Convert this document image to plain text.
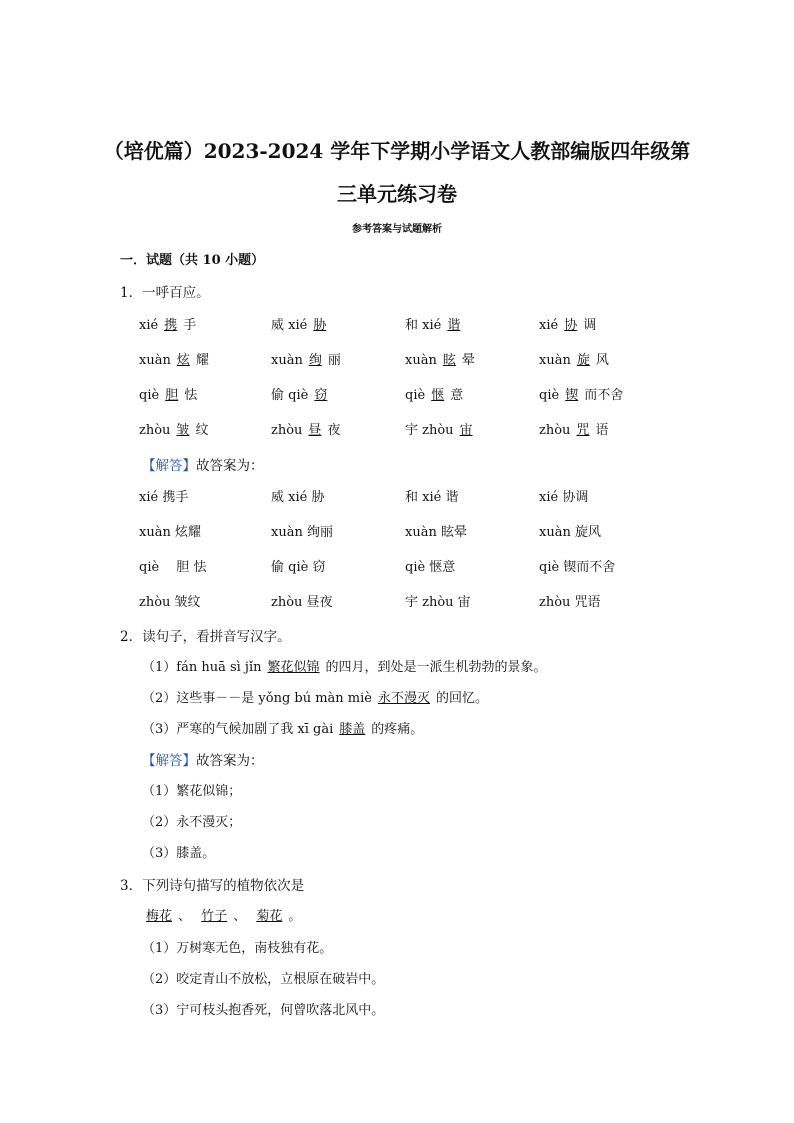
（培优篇）2023-2024 学年下学期小学语文人教部编版四年级第
三单元练习卷
参考答案与试题解析
一．试题（共 10 小题）
1．一呼百应。
xié 携 手	威 xié 胁	和 xié 谐	xié 协 调
xuàn 炫 耀	xuàn 绚 丽	xuàn 眩 晕	xuàn 旋 风
qiè 胆 怯	偷 qiè 窃	qiè 惬 意	qiè 锲 而不舍
zhòu 皱 纹	zhòu 昼 夜	宇 zhòu 宙	zhòu 咒 语
【解答】故答案为：
xié 携手	威 xié 胁	和 xié 谐	xié 协调
xuàn 炫耀	xuàn 绚丽	xuàn 眩晕	xuàn 旋风
qiè　 胆 怯	偷 qiè 窃	qiè 惬意	qiè 锲而不舍
zhòu 皱纹	zhòu 昼夜	宇 zhòu 宙	zhòu 咒语
2．读句子，看拼音写汉字。
（1）fán huā sì jǐn 繁花似锦 的四月，到处是一派生机勃勃的景象。
（2）这些事－－是 yǒng bú màn miè 永不漫灭 的回忆。
（3）严寒的气候加剧了我 xī gài 膝盖 的疼痛。
【解答】故答案为：
（1）繁花似锦；
（2）永不漫灭；
（3）膝盖。
3．下列诗句描写的植物依次是
梅花 、 竹子 、 菊花 。
（1）万树寒无色，南枝独有花。
（2）咬定青山不放松，立根原在破岩中。
（3）宁可枝头抱香死，何曾吹落北风中。
